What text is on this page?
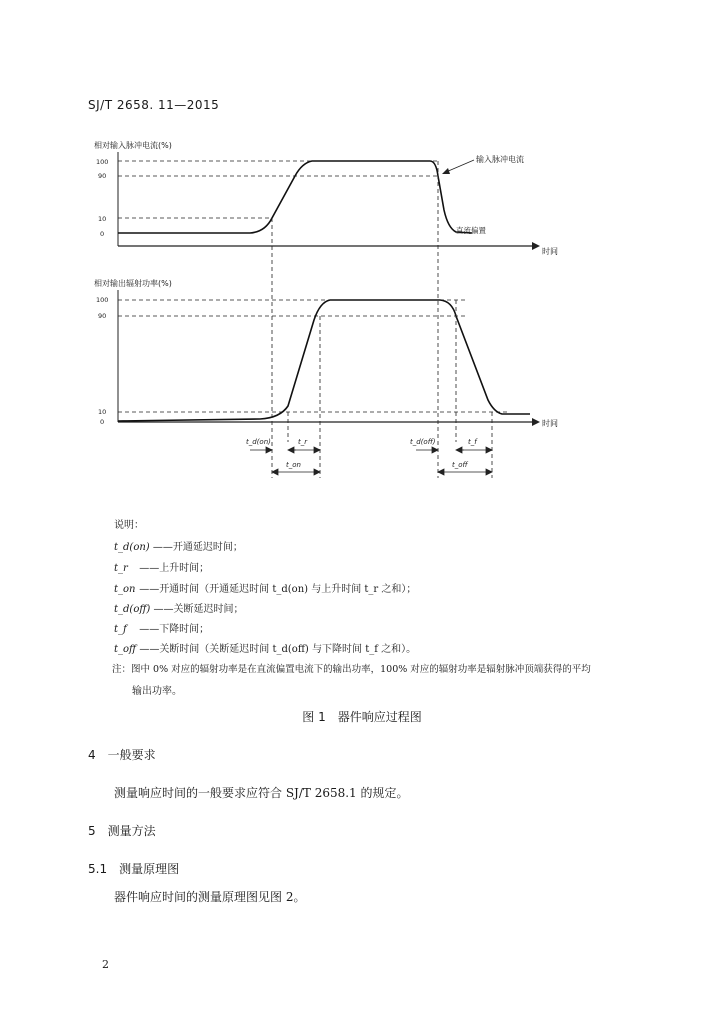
SJ/T 2658. 11—2015
相对输入脉冲电流(%)
时间
100
90
10
0
输入脉冲电流
直流偏置
相对输出辐射功率(%)
时间
100
90
10
0
t_d(on)	t_r
t_on
t_d(off)	t_f
t_off
说明：
t_d(on) ——开通延迟时间；
t_r ——上升时间；
t_on ——开通时间（开通延迟时间 t_d(on) 与上升时间 t_r 之和）；
t_d(off) ——关断延迟时间；
t_f ——下降时间；
t_off ——关断时间（关断延迟时间 t_d(off) 与下降时间 t_f 之和）。
注：图中 0% 对应的辐射功率是在直流偏置电流下的输出功率，100% 对应的辐射功率是辐射脉冲顶端获得的平均
输出功率。
图 1　器件响应过程图
4　一般要求
测量响应时间的一般要求应符合 SJ/T 2658.1 的规定。
5　测量方法
5.1　测量原理图
器件响应时间的测量原理图见图 2。
2
